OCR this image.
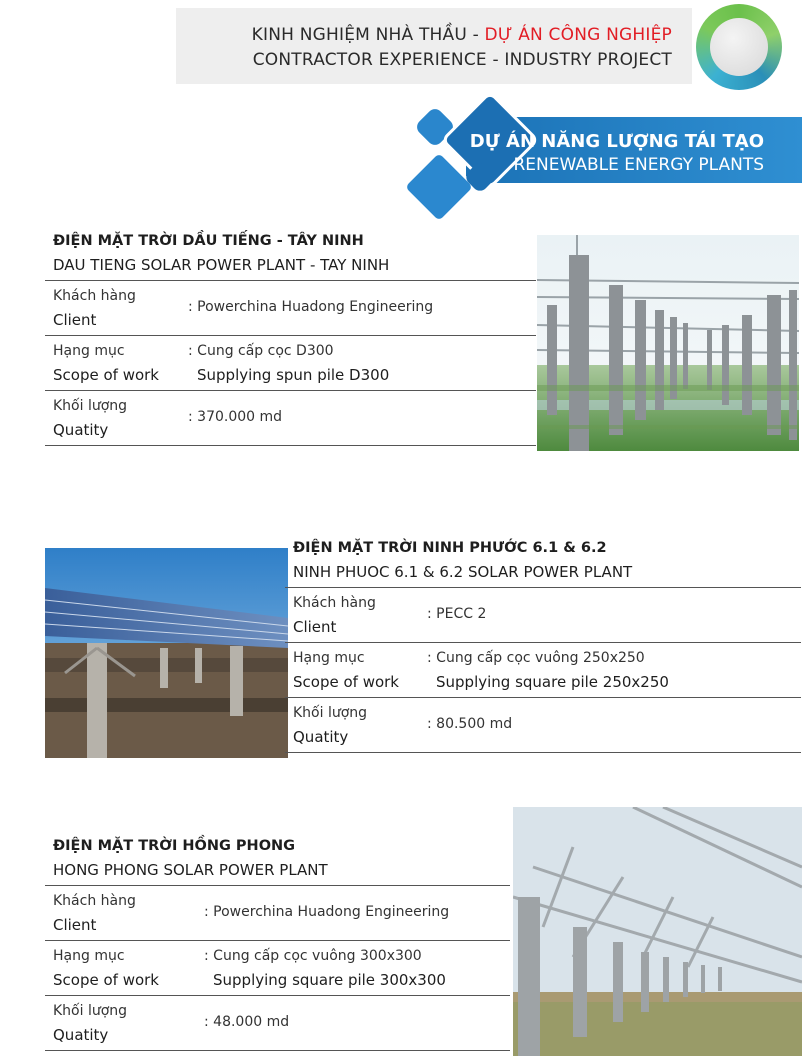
KINH NGHIỆM NHÀ THẦU - DỰ ÁN CÔNG NGHIỆP
CONTRACTOR EXPERIENCE - INDUSTRY PROJECT
DỰ ÁN NĂNG LƯỢNG TÁI TẠO
RENEWABLE ENERGY PLANTS
ĐIỆN MẶT TRỜI DẦU TIẾNG - TÂY NINH
DAU TIENG SOLAR POWER PLANT - TAY NINH
Khách hàng
Client
: Powerchina Huadong Engineering
Hạng mục
Scope of work
: Cung cấp cọc D300
Supplying spun pile D300
Khối lượng
Quatity
: 370.000 md
ĐIỆN MẶT TRỜI NINH PHƯỚC 6.1 & 6.2
NINH PHUOC 6.1 & 6.2 SOLAR POWER PLANT
Khách hàng
Client
: PECC 2
Hạng mục
Scope of work
: Cung cấp cọc vuông 250x250
Supplying square pile 250x250
Khối lượng
Quatity
: 80.500 md
ĐIỆN MẶT TRỜI HỒNG PHONG
HONG PHONG SOLAR POWER PLANT
Khách hàng
Client
: Powerchina Huadong Engineering
Hạng mục
Scope of work
: Cung cấp cọc vuông 300x300
Supplying square pile 300x300
Khối lượng
Quatity
: 48.000 md
